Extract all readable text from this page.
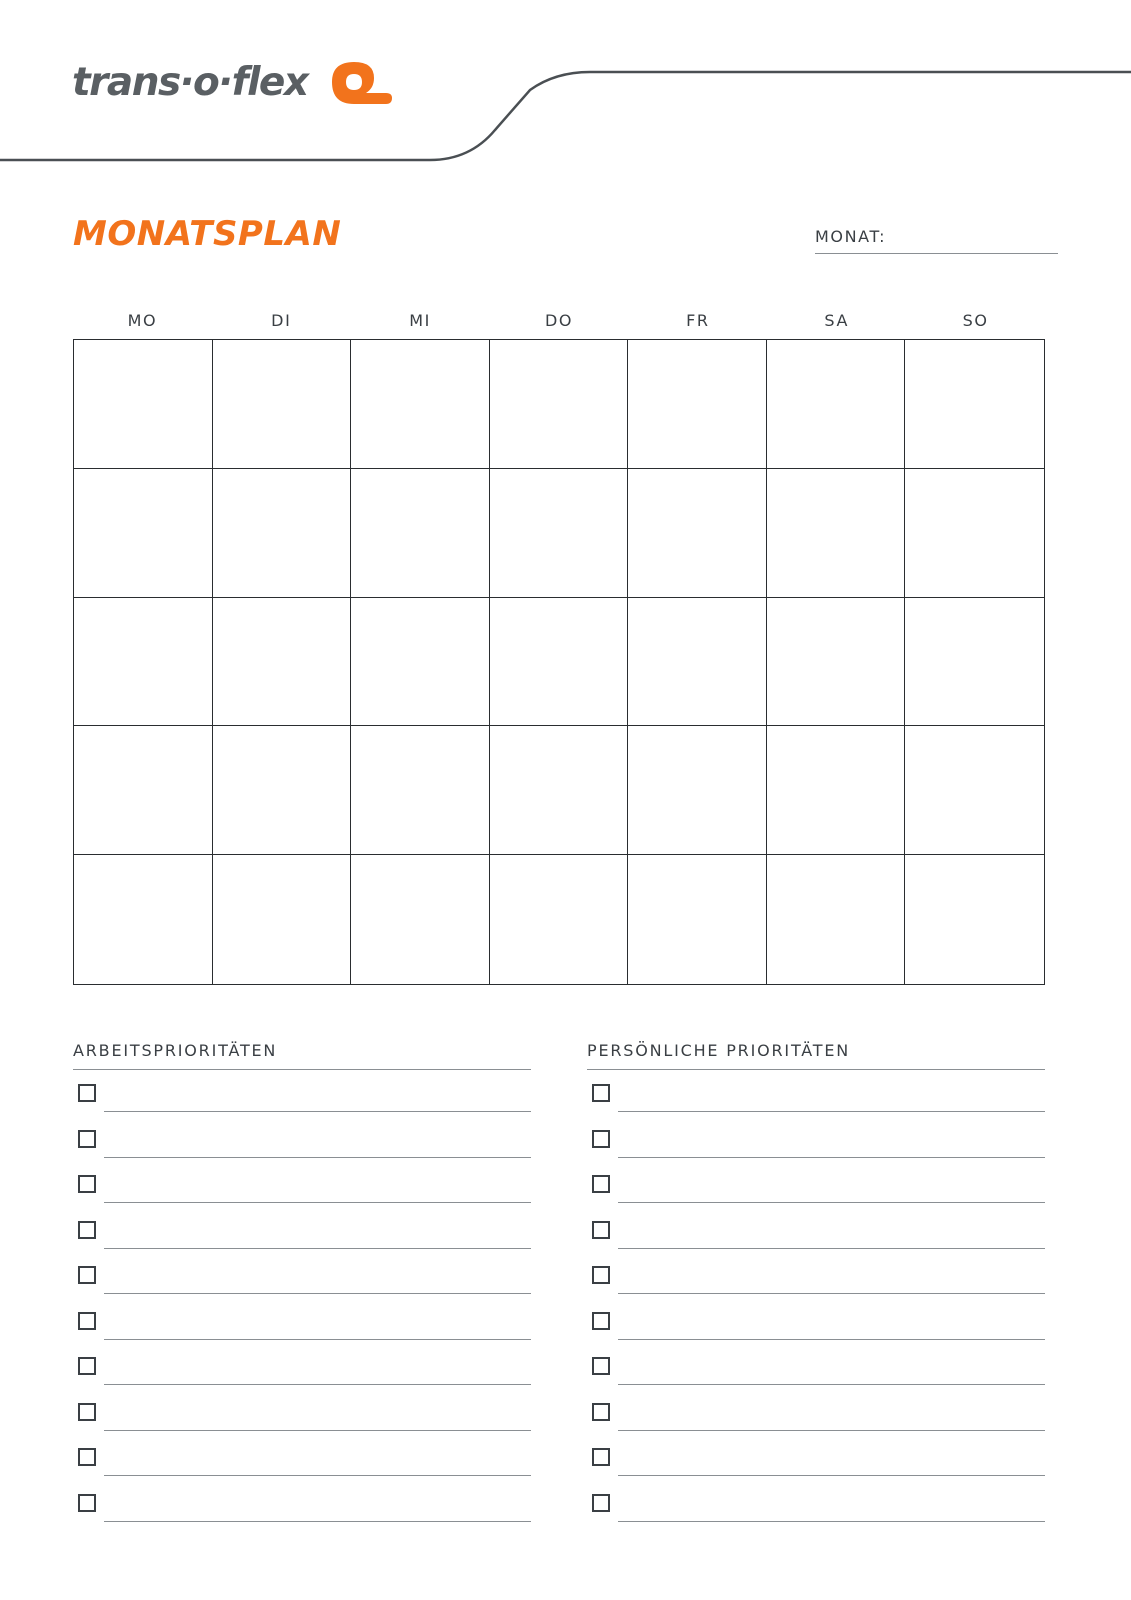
trans·o·flex
MONATSPLAN	MONAT:
MO	DI	MI	DO	FR	SA	SO
ARBEITSPRIORITÄTEN	PERSÖNLICHE PRIORITÄTEN
